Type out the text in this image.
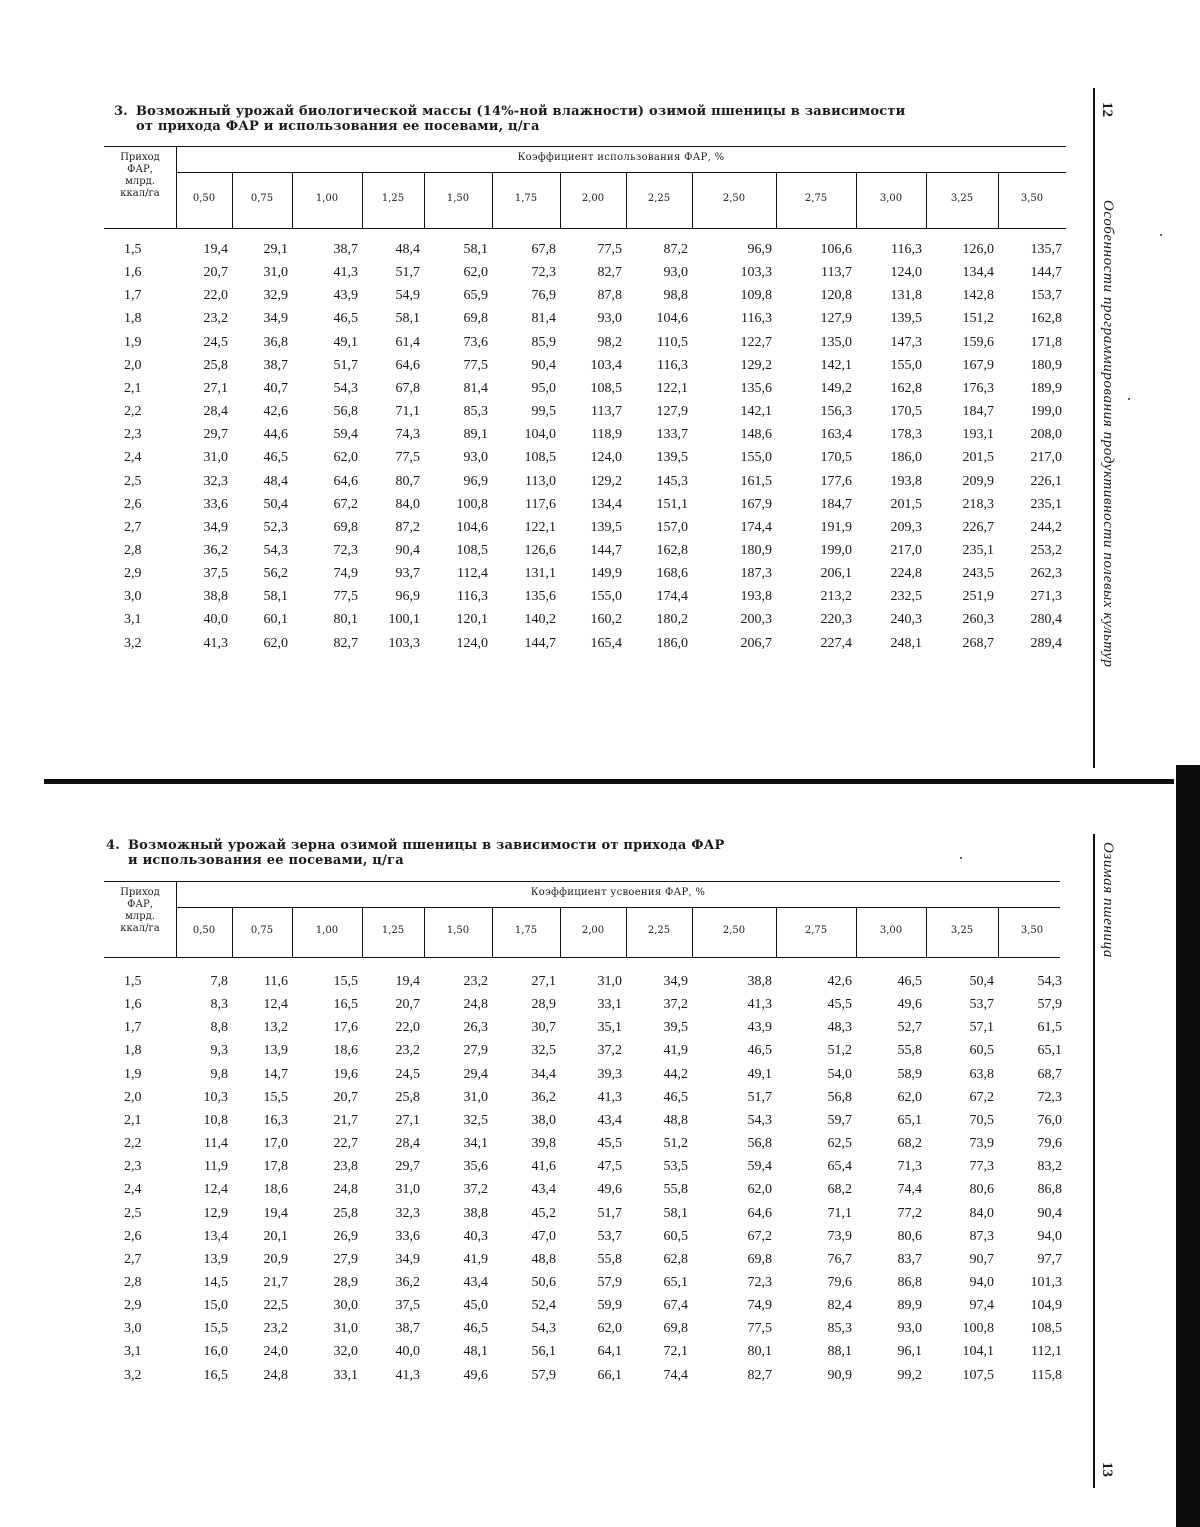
3. Возможный урожай биологической массы (14%-ной влажности) озимой пшеницы в зависимости
от прихода ФАР и использования ее посевами, ц/га
4. Возможный урожай зерна озимой пшеницы в зависимости от прихода ФАР
и использования ее посевами, ц/га
12
Особенности программирования продуктивности полевых культур
Озимая пшеница
13
Приход
ФАР,
млрд.
ккал/га
Коэффициент использования ФАР, %
0,50	0,75	1,00	1,25	1,50	1,75	2,00	2,25	2,50	2,75	3,00	3,25	3,50
1,5	19,4	29,1	38,7	48,4	58,1	67,8	77,5	87,2	96,9	106,6	116,3	126,0	135,7
1,6	20,7	31,0	41,3	51,7	62,0	72,3	82,7	93,0	103,3	113,7	124,0	134,4	144,7
1,7	22,0	32,9	43,9	54,9	65,9	76,9	87,8	98,8	109,8	120,8	131,8	142,8	153,7
1,8	23,2	34,9	46,5	58,1	69,8	81,4	93,0	104,6	116,3	127,9	139,5	151,2	162,8
1,9	24,5	36,8	49,1	61,4	73,6	85,9	98,2	110,5	122,7	135,0	147,3	159,6	171,8
2,0	25,8	38,7	51,7	64,6	77,5	90,4	103,4	116,3	129,2	142,1	155,0	167,9	180,9
2,1	27,1	40,7	54,3	67,8	81,4	95,0	108,5	122,1	135,6	149,2	162,8	176,3	189,9
2,2	28,4	42,6	56,8	71,1	85,3	99,5	113,7	127,9	142,1	156,3	170,5	184,7	199,0
2,3	29,7	44,6	59,4	74,3	89,1	104,0	118,9	133,7	148,6	163,4	178,3	193,1	208,0
2,4	31,0	46,5	62,0	77,5	93,0	108,5	124,0	139,5	155,0	170,5	186,0	201,5	217,0
2,5	32,3	48,4	64,6	80,7	96,9	113,0	129,2	145,3	161,5	177,6	193,8	209,9	226,1
2,6	33,6	50,4	67,2	84,0	100,8	117,6	134,4	151,1	167,9	184,7	201,5	218,3	235,1
2,7	34,9	52,3	69,8	87,2	104,6	122,1	139,5	157,0	174,4	191,9	209,3	226,7	244,2
2,8	36,2	54,3	72,3	90,4	108,5	126,6	144,7	162,8	180,9	199,0	217,0	235,1	253,2
2,9	37,5	56,2	74,9	93,7	112,4	131,1	149,9	168,6	187,3	206,1	224,8	243,5	262,3
3,0	38,8	58,1	77,5	96,9	116,3	135,6	155,0	174,4	193,8	213,2	232,5	251,9	271,3
3,1	40,0	60,1	80,1	100,1	120,1	140,2	160,2	180,2	200,3	220,3	240,3	260,3	280,4
3,2	41,3	62,0	82,7	103,3	124,0	144,7	165,4	186,0	206,7	227,4	248,1	268,7	289,4
Приход
ФАР,
млрд.
ккал/га
Коэффициент усвоения ФАР, %
0,50	0,75	1,00	1,25	1,50	1,75	2,00	2,25	2,50	2,75	3,00	3,25	3,50
1,5	7,8	11,6	15,5	19,4	23,2	27,1	31,0	34,9	38,8	42,6	46,5	50,4	54,3
1,6	8,3	12,4	16,5	20,7	24,8	28,9	33,1	37,2	41,3	45,5	49,6	53,7	57,9
1,7	8,8	13,2	17,6	22,0	26,3	30,7	35,1	39,5	43,9	48,3	52,7	57,1	61,5
1,8	9,3	13,9	18,6	23,2	27,9	32,5	37,2	41,9	46,5	51,2	55,8	60,5	65,1
1,9	9,8	14,7	19,6	24,5	29,4	34,4	39,3	44,2	49,1	54,0	58,9	63,8	68,7
2,0	10,3	15,5	20,7	25,8	31,0	36,2	41,3	46,5	51,7	56,8	62,0	67,2	72,3
2,1	10,8	16,3	21,7	27,1	32,5	38,0	43,4	48,8	54,3	59,7	65,1	70,5	76,0
2,2	11,4	17,0	22,7	28,4	34,1	39,8	45,5	51,2	56,8	62,5	68,2	73,9	79,6
2,3	11,9	17,8	23,8	29,7	35,6	41,6	47,5	53,5	59,4	65,4	71,3	77,3	83,2
2,4	12,4	18,6	24,8	31,0	37,2	43,4	49,6	55,8	62,0	68,2	74,4	80,6	86,8
2,5	12,9	19,4	25,8	32,3	38,8	45,2	51,7	58,1	64,6	71,1	77,2	84,0	90,4
2,6	13,4	20,1	26,9	33,6	40,3	47,0	53,7	60,5	67,2	73,9	80,6	87,3	94,0
2,7	13,9	20,9	27,9	34,9	41,9	48,8	55,8	62,8	69,8	76,7	83,7	90,7	97,7
2,8	14,5	21,7	28,9	36,2	43,4	50,6	57,9	65,1	72,3	79,6	86,8	94,0	101,3
2,9	15,0	22,5	30,0	37,5	45,0	52,4	59,9	67,4	74,9	82,4	89,9	97,4	104,9
3,0	15,5	23,2	31,0	38,7	46,5	54,3	62,0	69,8	77,5	85,3	93,0	100,8	108,5
3,1	16,0	24,0	32,0	40,0	48,1	56,1	64,1	72,1	80,1	88,1	96,1	104,1	112,1
3,2	16,5	24,8	33,1	41,3	49,6	57,9	66,1	74,4	82,7	90,9	99,2	107,5	115,8
